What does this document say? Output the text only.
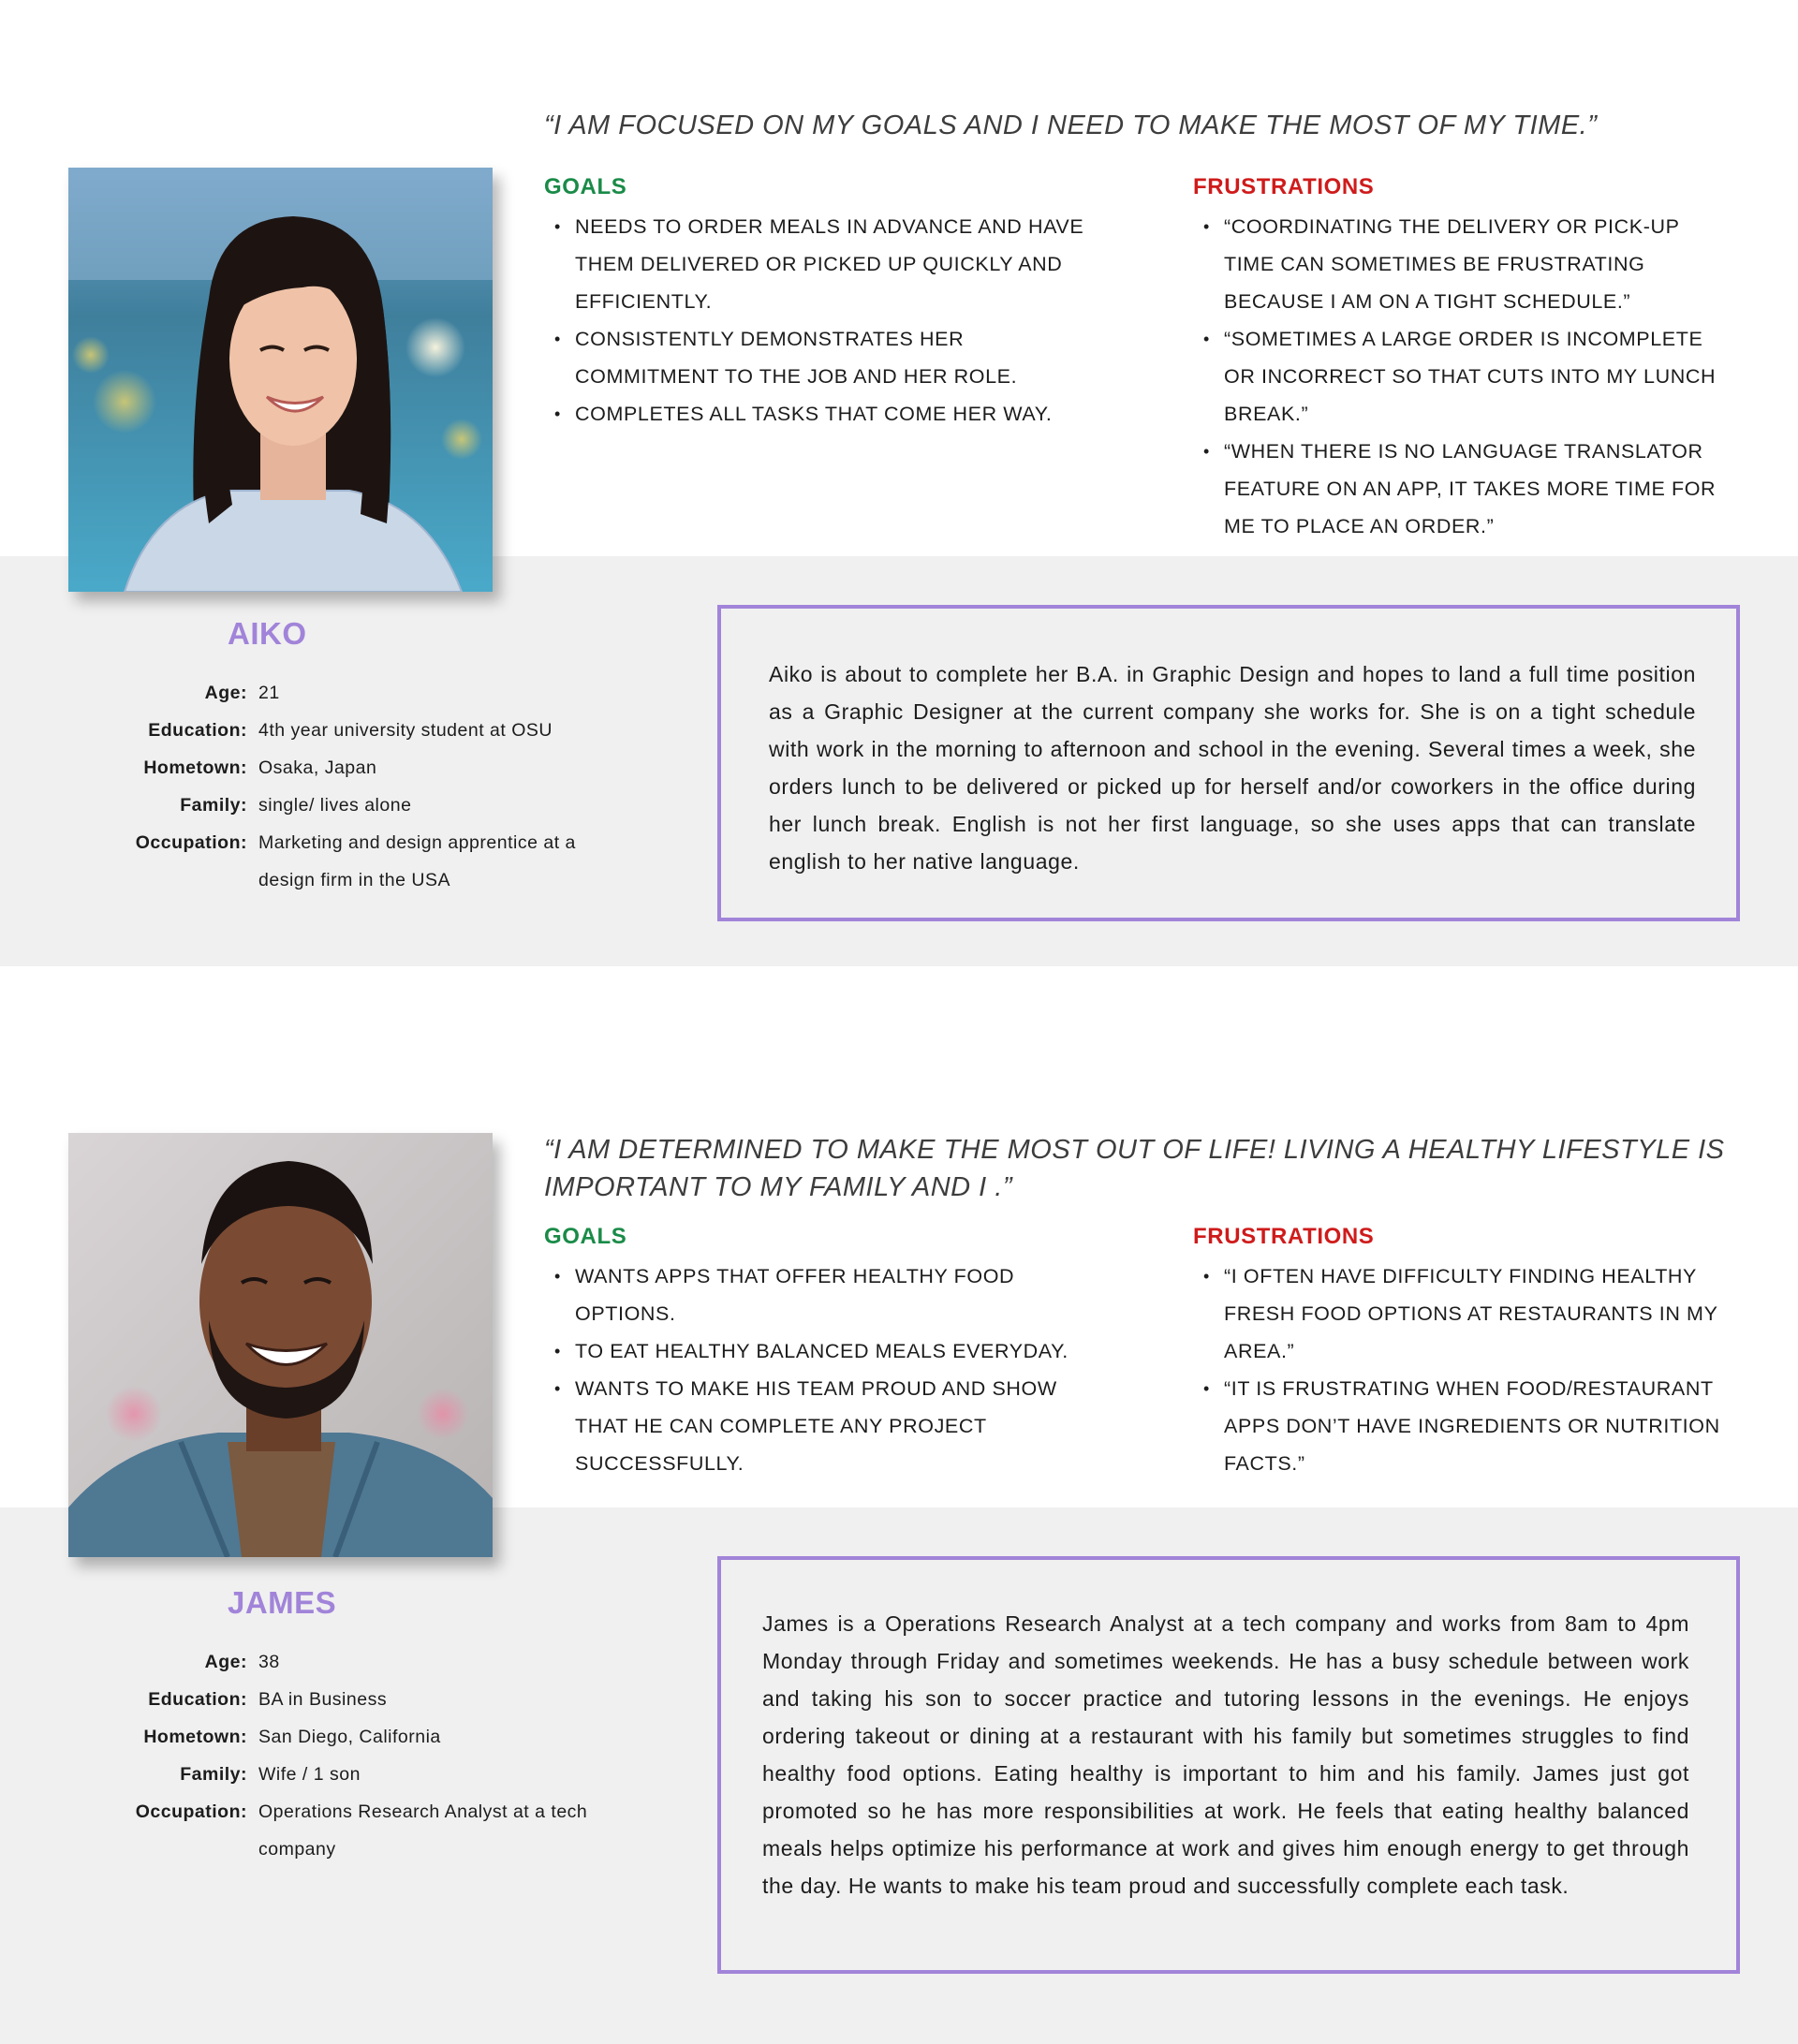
“I AM FOCUSED ON MY GOALS AND I NEED TO MAKE THE MOST OF MY TIME.”

GOALS
• NEEDS TO ORDER MEALS IN ADVANCE AND HAVE THEM DELIVERED OR PICKED UP QUICKLY AND EFFICIENTLY.
• CONSISTENTLY DEMONSTRATES HER COMMITMENT TO THE JOB AND HER ROLE.
• COMPLETES ALL TASKS THAT COME HER WAY.
FRUSTRATIONS
• “COORDINATING THE DELIVERY OR PICK-UP TIME CAN SOMETIMES BE FRUSTRATING BECAUSE I AM ON A TIGHT SCHEDULE.”
• “SOMETIMES A LARGE ORDER IS INCOMPLETE OR INCORRECT SO THAT CUTS INTO MY LUNCH BREAK.”
• “WHEN THERE IS NO LANGUAGE TRANSLATOR FEATURE ON AN APP, IT TAKES MORE TIME FOR ME TO PLACE AN ORDER.”
AIKO
Age: 21
Education: 4th year university student at OSU
Hometown: Osaka, Japan
Family: single/ lives alone
Occupation: Marketing and design apprentice at a design firm in the USA

Aiko is about to complete her B.A. in Graphic Design and hopes to land a full time position as a Graphic Designer at the current company she works for. She is on a tight schedule with work in the morning to afternoon and school in the evening. Several times a week, she orders lunch to be delivered or picked up for herself and/or coworkers in the office during her lunch break. English is not her first language, so she uses apps that can translate english to her native language.

“I AM DETERMINED TO MAKE THE MOST OUT OF LIFE! LIVING A HEALTHY LIFESTYLE IS IMPORTANT TO MY FAMILY AND I .”

GOALS
• WANTS APPS THAT OFFER HEALTHY FOOD OPTIONS.
• TO EAT HEALTHY BALANCED MEALS EVERYDAY.
• WANTS TO MAKE HIS TEAM PROUD AND SHOW THAT HE CAN COMPLETE ANY PROJECT SUCCESSFULLY.
FRUSTRATIONS
• “I OFTEN HAVE DIFFICULTY FINDING HEALTHY FRESH FOOD OPTIONS AT RESTAURANTS IN MY AREA.”
• “IT IS FRUSTRATING WHEN FOOD/RESTAURANT APPS DON’T HAVE INGREDIENTS OR NUTRITION FACTS.”
JAMES
Age: 38
Education: BA in Business
Hometown: San Diego, California
Family: Wife / 1 son
Occupation: Operations Research Analyst at a tech company

James is a Operations Research Analyst at a tech company and works from 8am to 4pm Monday through Friday and sometimes weekends. He has a busy schedule between work and taking his son to soccer practice and tutoring lessons in the evenings. He enjoys ordering takeout or dining at a restaurant with his family but sometimes struggles to find healthy food options. Eating healthy is important to him and his family. James just got promoted so he has more responsibilities at work. He feels that eating healthy balanced meals helps optimize his performance at work and gives him enough energy to get through the day. He wants to make his team proud and successfully complete each task.
